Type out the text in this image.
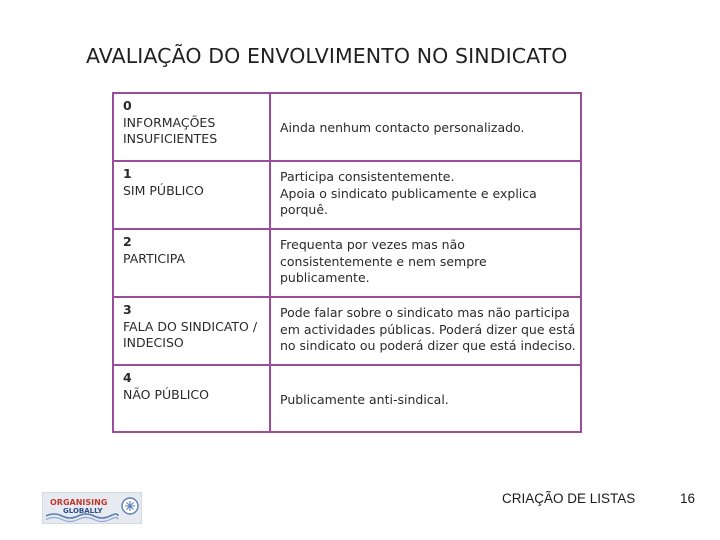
AVALIAÇÃO DO ENVOLVIMENTO NO SINDICATO
0
INFORMAÇÕES
INSUFICIENTES
Ainda nenhum contacto personalizado.
1
SIM PÚBLICO
Participa consistentemente.
Apoia o sindicato publicamente e explica
porquê.
2
PARTICIPA
Frequenta por vezes mas não
consistentemente e nem sempre
publicamente.
3
FALA DO SINDICATO /
INDECISO
Pode falar sobre o sindicato mas não participa
em actividades públicas. Poderá dizer que está
no sindicato ou poderá dizer que está indeciso.
4
NÃO PÚBLICO	Publicamente anti-sindical.
ORGANISING
GLOBALLY
CRIAÇÃO DE LISTAS	16
